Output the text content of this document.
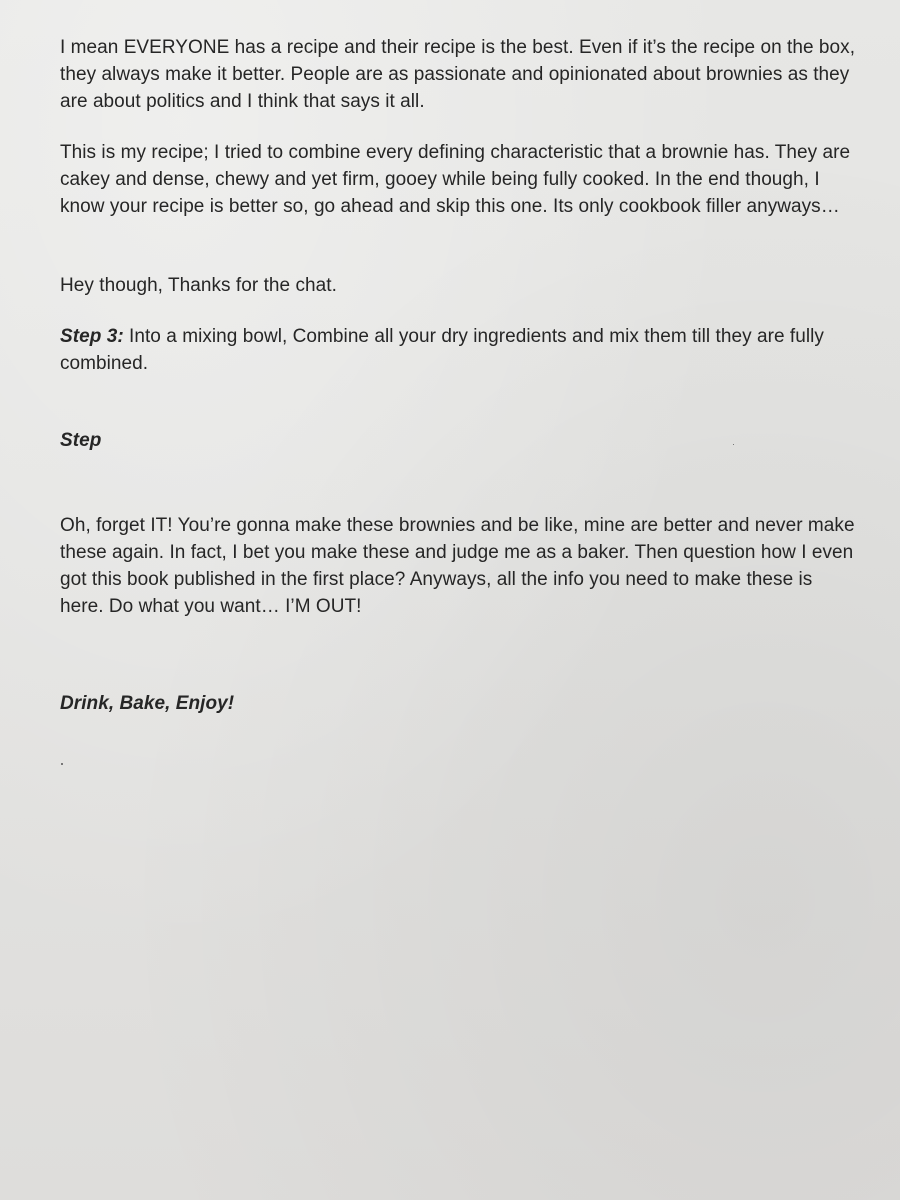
I mean EVERYONE has a recipe and their recipe is the best. Even if it’s the recipe on the box, they always make it better. People are as passionate and opinionated about brownies as they are about politics and I think that says it all.
This is my recipe; I tried to combine every defining characteristic that a brownie has. They are cakey and dense, chewy and yet firm, gooey while being fully cooked. In the end though, I know your recipe is better so, go ahead and skip this one. Its only cookbook filler anyways…
Hey though, Thanks for the chat.
Step 3: Into a mixing bowl, Combine all your dry ingredients and mix them till they are fully combined.
Step
Oh, forget IT! You’re gonna make these brownies and be like, mine are better and never make these again. In fact, I bet you make these and judge me as a baker. Then question how I even got this book published in the first place? Anyways, all the info you need to make these is here. Do what you want… I’M OUT!
Drink, Bake, Enjoy!
